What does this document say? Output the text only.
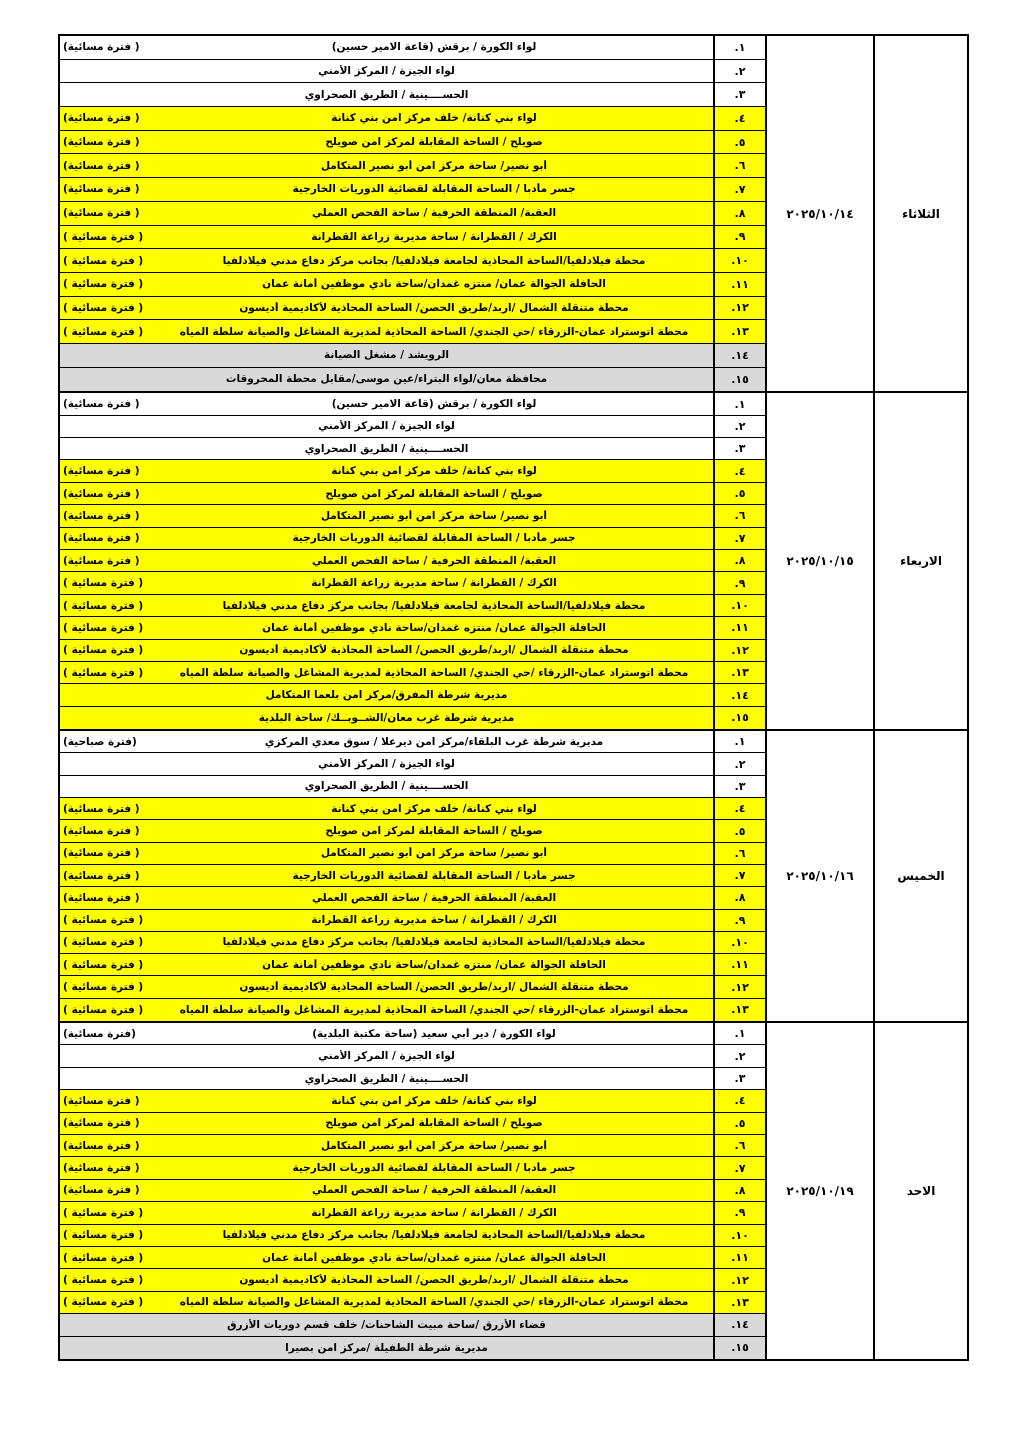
الثلاثاء
٢٠٢٥/١٠/١٤
١.
لواء الكورة / برقش (قاعة الامير حسين)
( فترة مسائية)
٢.
لواء الجيزة / المركز الأمني
٣.
الحســــينية / الطريق الصحراوي
٤.
لواء بني كنانة/ خلف مركز امن بني كنانة
( فترة مسائية)
٥.
صويلح / الساحة المقابلة لمركز امن صويلح
( فترة مسائية)
٦.
أبو نصير/ ساحة مركز امن أبو نصير المتكامل
( فترة مسائية)
٧.
جسر مأدبا / الساحة المقابلة لقضائية الدوريات الخارجية
( فترة مسائية)
٨.
العقبة/ المنطقة الحرفية / ساحة الفحص العملي
( فترة مسائية)
٩.
الكرك / القطرانة / ساحة مديرية زراعة القطرانة
( فترة مسائية )
١٠.
محطة فيلادلفيا/الساحة المحاذية لجامعة فيلادلفيا/ بجانب مركز دفاع مدني فيلادلفيا
( فترة مسائية )
١١.
الحافلة الجوالة عمان/ منتزه غمدان/ساحة نادي موظفين أمانة عمان
( فترة مسائية )
١٢.
محطة متنقلة الشمال /اربد/طريق الحصن/ الساحة المحاذية لأكاديمية أديسون
( فترة مسائية )
١٣.
محطة اتوستراد عمان-الزرقاء /حي الجندي/ الساحة المحاذية لمديرية المشاغل والصيانة سلطة المياه
( فترة مسائية )
١٤.
الرويشد / مشغل الصيانة
١٥.
محافظة معان/لواء البتراء/عين موسى/مقابل محطة المحروقات
الاربعاء
٢٠٢٥/١٠/١٥
١.
لواء الكورة / برقش (قاعة الامير حسين)
( فترة مسائية)
٢.
لواء الجيزة / المركز الأمني
٣.
الحســــينية / الطريق الصحراوي
٤.
لواء بني كنانة/ خلف مركز امن بني كنانة
( فترة مسائية)
٥.
صويلح / الساحة المقابلة لمركز امن صويلح
( فترة مسائية)
٦.
أبو نصير/ ساحة مركز امن أبو نصير المتكامل
( فترة مسائية)
٧.
جسر مأدبا / الساحة المقابلة لقضائية الدوريات الخارجية
( فترة مسائية)
٨.
العقبة/ المنطقة الحرفية / ساحة الفحص العملي
( فترة مسائية)
٩.
الكرك / القطرانة / ساحة مديرية زراعة القطرانة
( فترة مسائية )
١٠.
محطة فيلادلفيا/الساحة المحاذية لجامعة فيلادلفيا/ بجانب مركز دفاع مدني فيلادلفيا
( فترة مسائية )
١١.
الحافلة الجوالة عمان/ منتزه غمدان/ساحة نادي موظفين أمانة عمان
( فترة مسائية )
١٢.
محطة متنقلة الشمال /اربد/طريق الحصن/ الساحة المحاذية لأكاديمية أديسون
( فترة مسائية )
١٣.
محطة اتوستراد عمان-الزرقاء /حي الجندي/ الساحة المحاذية لمديرية المشاغل والصيانة سلطة المياه
( فترة مسائية )
١٤.
مديرية شرطة المفرق/مركز امن بلعما المتكامل
١٥.
مديرية شرطة غرب معان/الشــوبــك/ ساحة البلدية
الخميس
٢٠٢٥/١٠/١٦
١.
مديرية شرطة غرب البلقاء/مركز امن ديرعلا / سوق معدي المركزي
(فترة صباحية)
٢.
لواء الجيزة / المركز الأمني
٣.
الحســــينية / الطريق الصحراوي
٤.
لواء بني كنانة/ خلف مركز امن بني كنانة
( فترة مسائية)
٥.
صويلح / الساحة المقابلة لمركز امن صويلح
( فترة مسائية)
٦.
أبو نصير/ ساحة مركز امن أبو نصير المتكامل
( فترة مسائية)
٧.
جسر مأدبا / الساحة المقابلة لقضائية الدوريات الخارجية
( فترة مسائية)
٨.
العقبة/ المنطقة الحرفية / ساحة الفحص العملي
( فترة مسائية)
٩.
الكرك / القطرانة / ساحة مديرية زراعة القطرانة
( فترة مسائية )
١٠.
محطة فيلادلفيا/الساحة المحاذية لجامعة فيلادلفيا/ بجانب مركز دفاع مدني فيلادلفيا
( فترة مسائية )
١١.
الحافلة الجوالة عمان/ منتزه غمدان/ساحة نادي موظفين أمانة عمان
( فترة مسائية )
١٢.
محطة متنقلة الشمال /اربد/طريق الحصن/ الساحة المحاذية لأكاديمية أديسون
( فترة مسائية )
١٣.
محطة اتوستراد عمان-الزرقاء /حي الجندي/ الساحة المحاذية لمديرية المشاغل والصيانة سلطة المياه
( فترة مسائية )
الاحد
٢٠٢٥/١٠/١٩
١.
لواء الكورة / دير أبي سعيد (ساحة مكتبة البلدية)
(فترة مسائية)
٢.
لواء الجيزة / المركز الأمني
٣.
الحســــينية / الطريق الصحراوي
٤.
لواء بني كنانة/ خلف مركز امن بني كنانة
( فترة مسائية)
٥.
صويلح / الساحة المقابلة لمركز امن صويلح
( فترة مسائية)
٦.
أبو نصير/ ساحة مركز امن أبو نصير المتكامل
( فترة مسائية)
٧.
جسر مأدبا / الساحة المقابلة لقضائية الدوريات الخارجية
( فترة مسائية)
٨.
العقبة/ المنطقة الحرفية / ساحة الفحص العملي
( فترة مسائية)
٩.
الكرك / القطرانة / ساحة مديرية زراعة القطرانة
( فترة مسائية )
١٠.
محطة فيلادلفيا/الساحة المحاذية لجامعة فيلادلفيا/ بجانب مركز دفاع مدني فيلادلفيا
( فترة مسائية )
١١.
الحافلة الجوالة عمان/ منتزه غمدان/ساحة نادي موظفين أمانة عمان
( فترة مسائية )
١٢.
محطة متنقلة الشمال /اربد/طريق الحصن/ الساحة المحاذية لأكاديمية أديسون
( فترة مسائية )
١٣.
محطة اتوستراد عمان-الزرقاء /حي الجندي/ الساحة المحاذية لمديرية المشاغل والصيانة سلطة المياه
( فترة مسائية )
١٤.
قضاء الأزرق /ساحة مبيت الشاحنات/ خلف قسم دوريات الأزرق
١٥.
مديرية شرطة الطفيلة /مركز امن بصيرا
